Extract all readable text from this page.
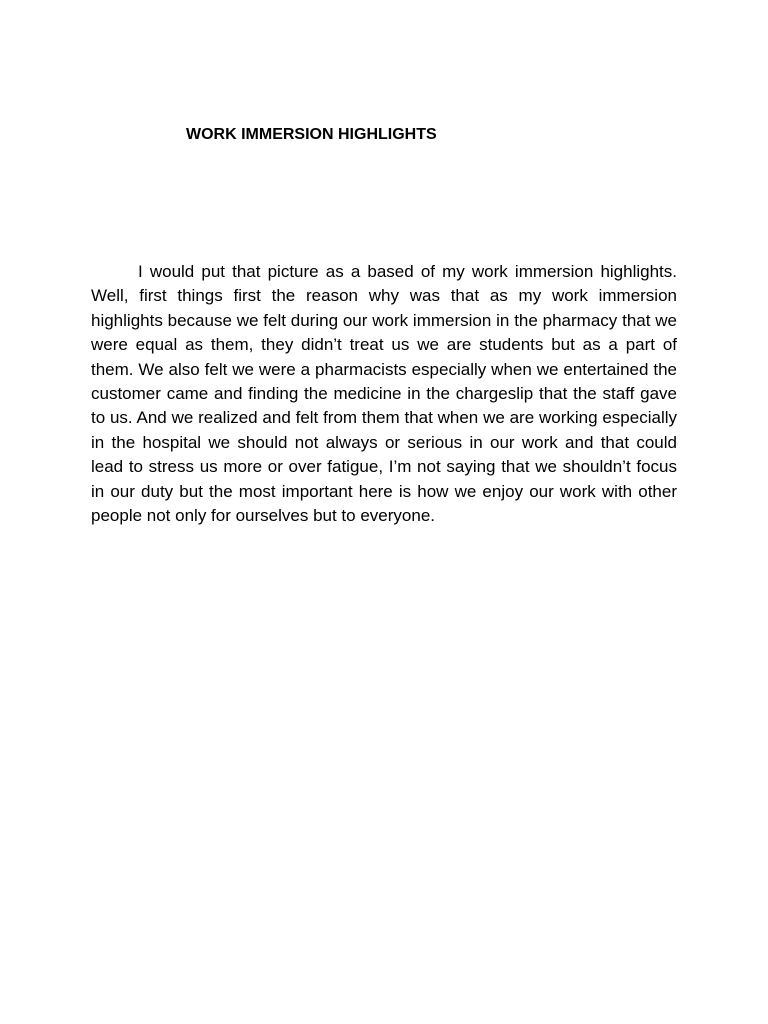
WORK IMMERSION HIGHLIGHTS

I would put that picture as a based of my work immersion highlights. Well, first things first the reason why was that as my work immersion highlights because we felt during our work immersion in the pharmacy that we were equal as them, they didn’t treat us we are students but as a part of them. We also felt we were a pharmacists especially when we entertained the customer came and finding the medicine in the chargeslip that the staff gave to us. And we realized and felt from them that when we are working especially in the hospital we should not always or serious in our work and that could lead to stress us more or over fatigue, I’m not saying that we shouldn’t focus in our duty but the most important here is how we enjoy our work with other people not only for ourselves but to everyone.
